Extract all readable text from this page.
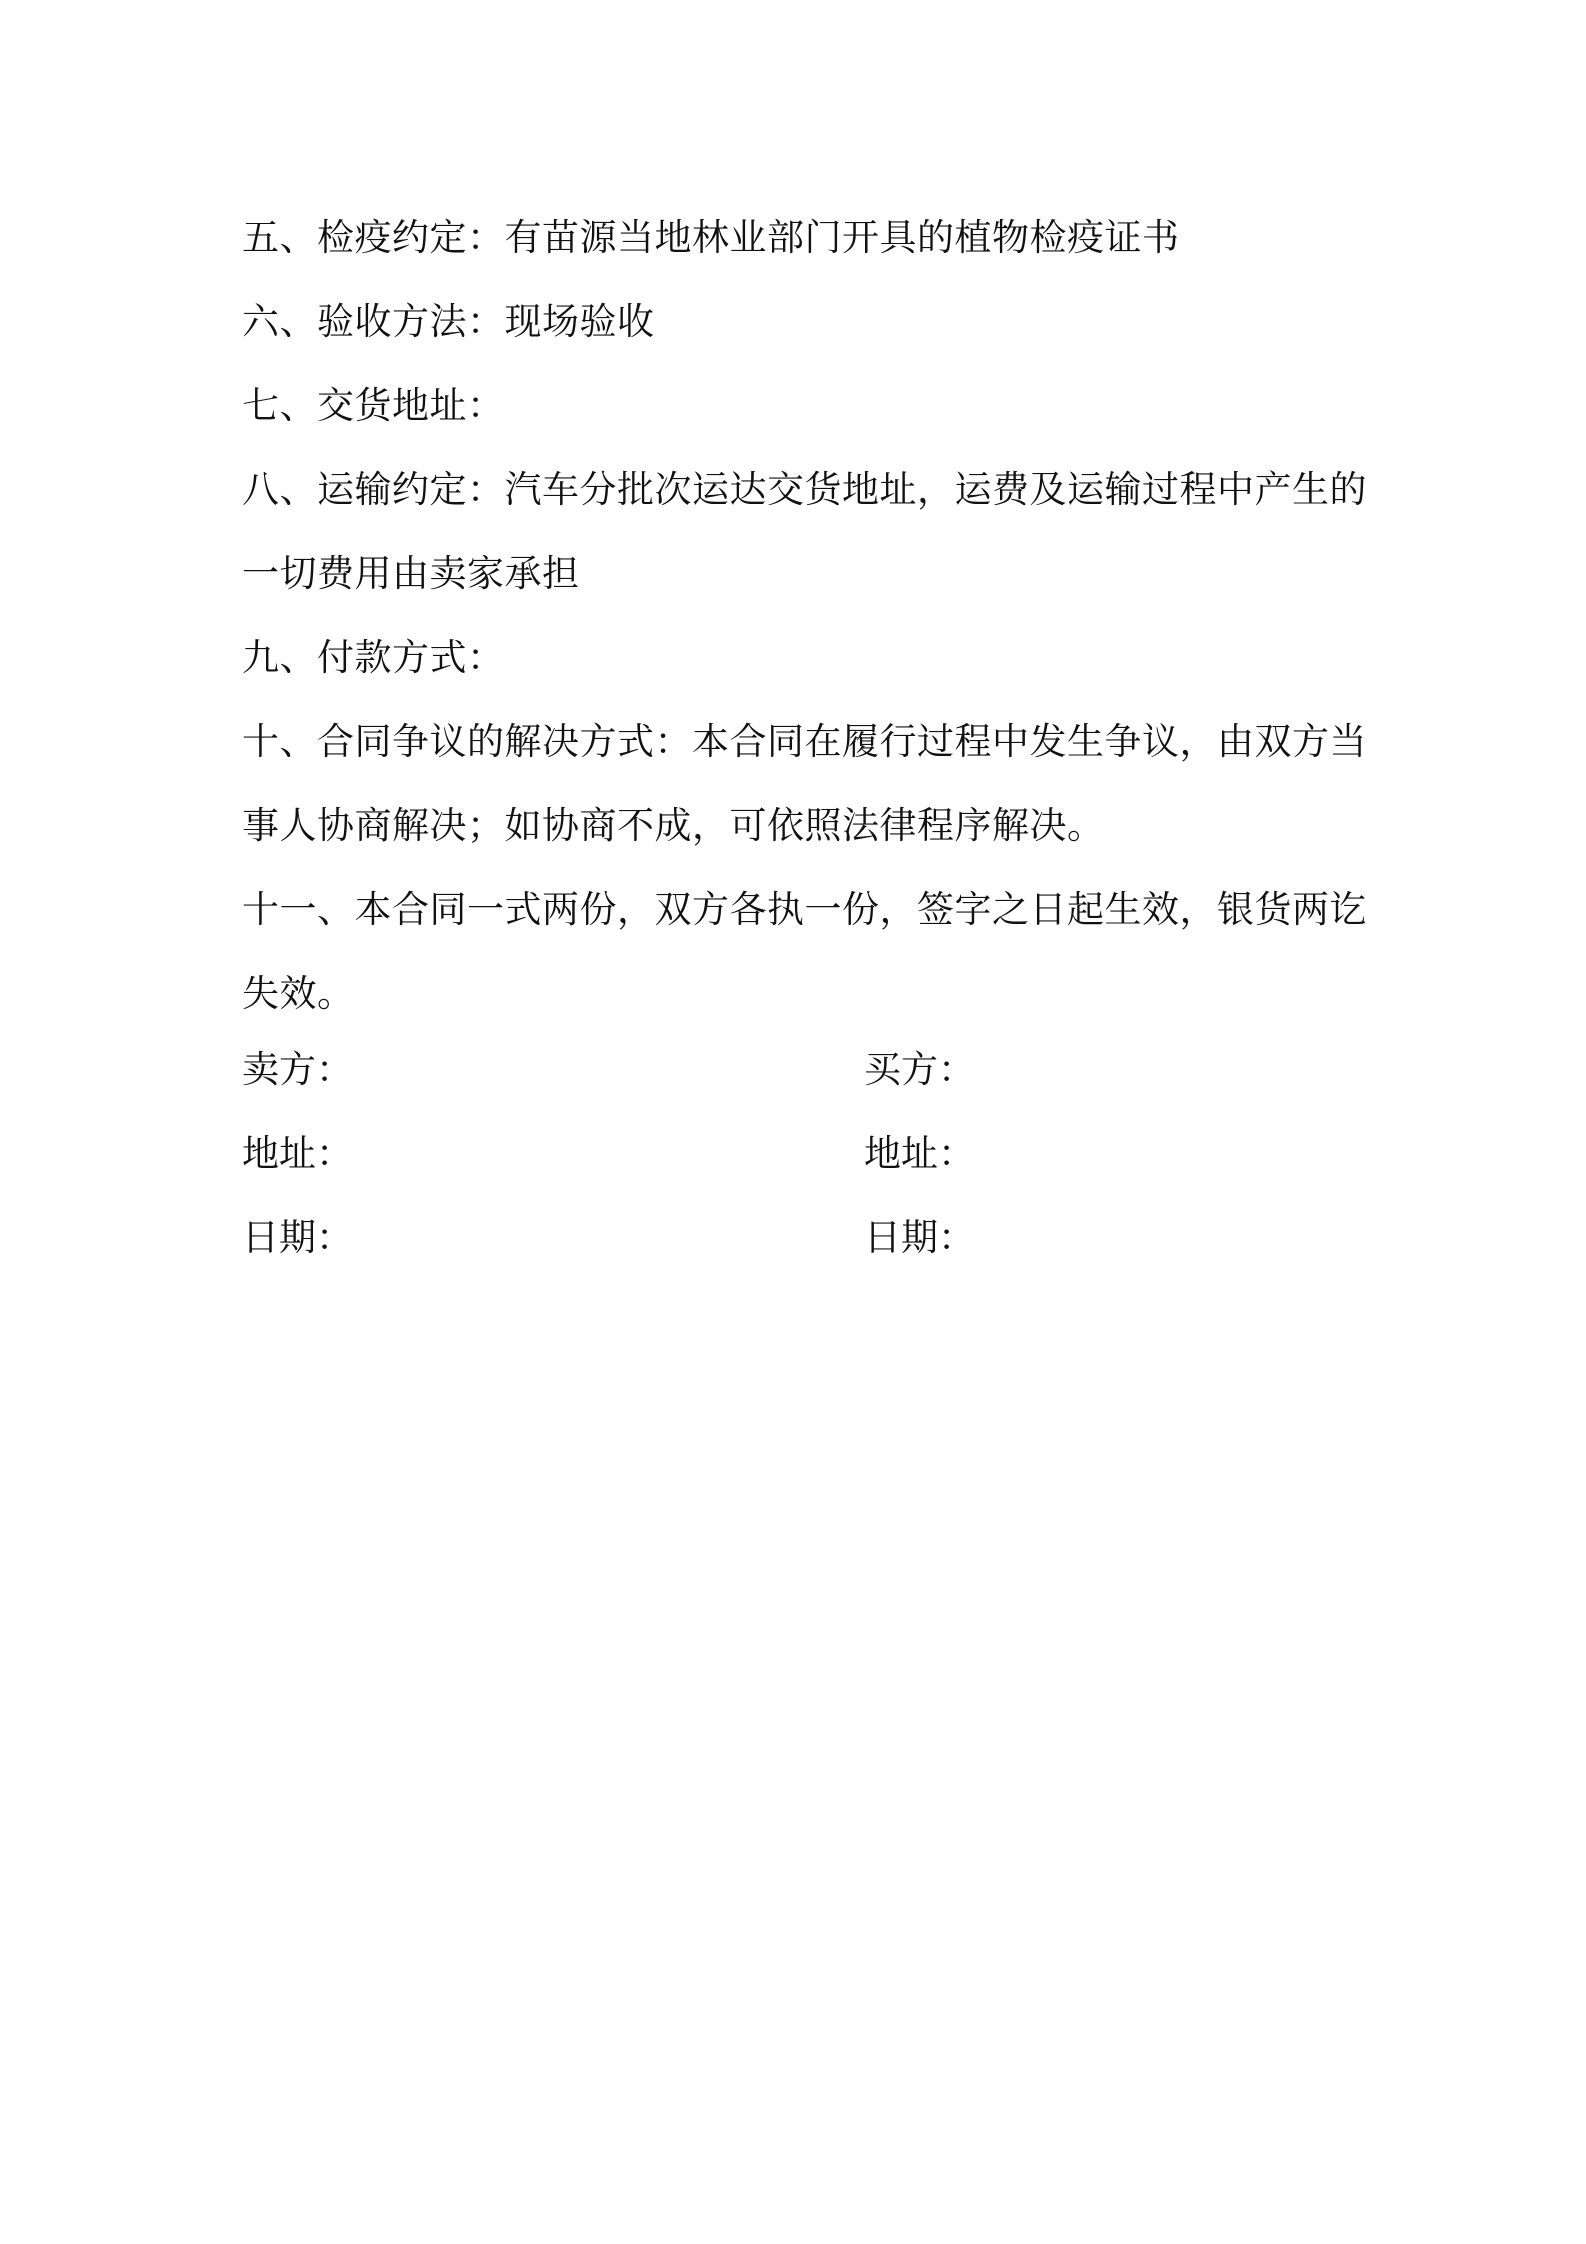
五、检疫约定：有苗源当地林业部门开具的植物检疫证书
六、验收方法：现场验收
七、交货地址：
八、运输约定：汽车分批次运达交货地址，运费及运输过程中产生的
一切费用由卖家承担
九、付款方式：
十、合同争议的解决方式：本合同在履行过程中发生争议，由双方当
事人协商解决；如协商不成，可依照法律程序解决。
十一、本合同一式两份，双方各执一份，签字之日起生效，银货两讫
失效。
卖方：	买方：
地址：	地址：
日期：	日期：
